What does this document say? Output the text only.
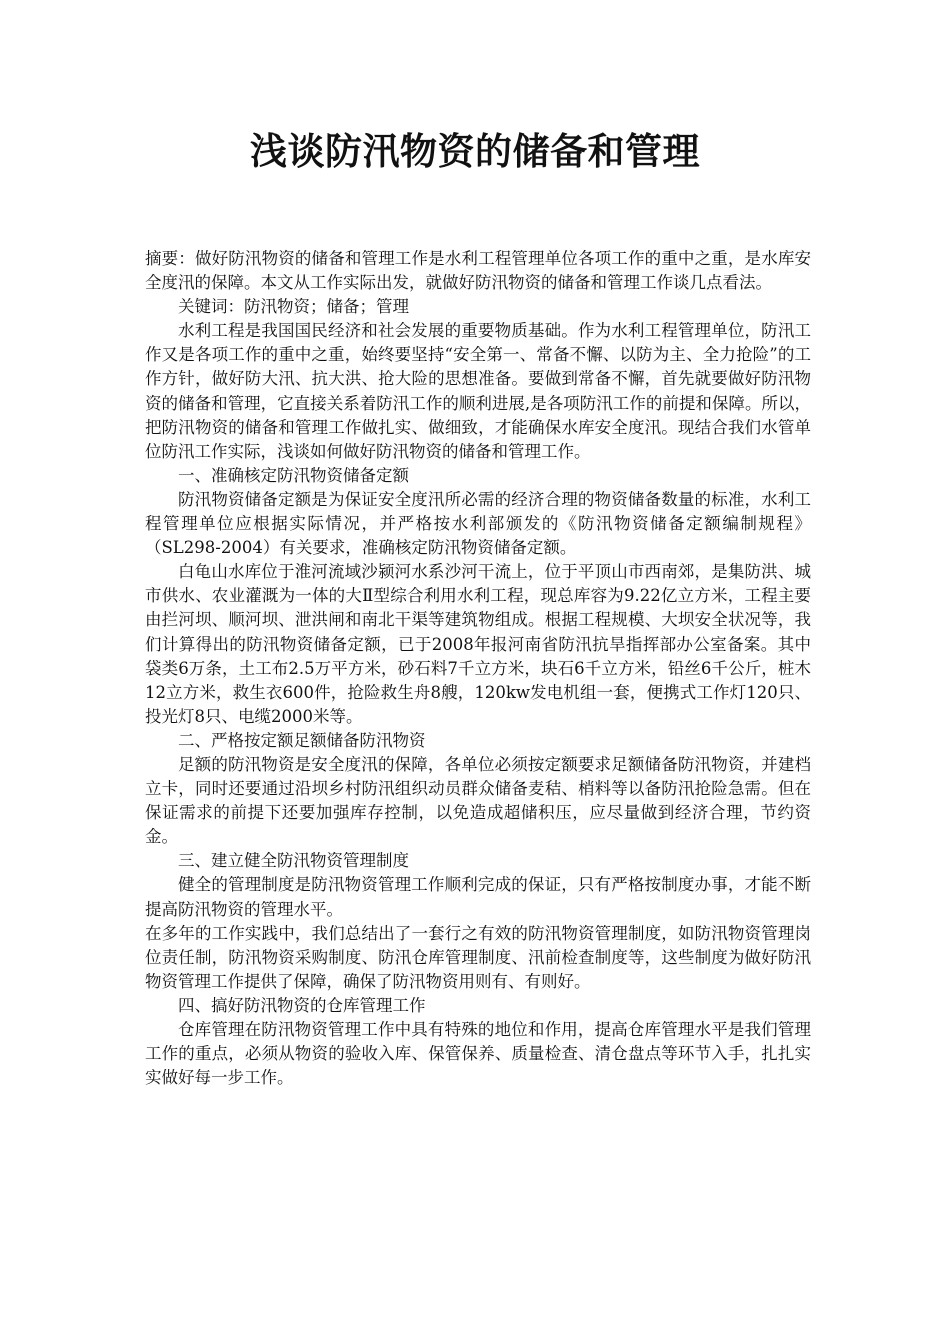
浅谈防汛物资的储备和管理

摘要：做好防汛物资的储备和管理工作是水利工程管理单位各项工作的重中之重，是水库安全度汛的保障。本文从工作实际出发，就做好防汛物资的储备和管理工作谈几点看法。

关键词：防汛物资；储备；管理

水利工程是我国国民经济和社会发展的重要物质基础。作为水利工程管理单位，防汛工作又是各项工作的重中之重，始终要坚持“安全第一、常备不懈、以防为主、全力抢险”的工作方针，做好防大汛、抗大洪、抢大险的思想准备。要做到常备不懈，首先就要做好防汛物资的储备和管理，它直接关系着防汛工作的顺利进展,是各项防汛工作的前提和保障。所以， 把防汛物资的储备和管理工作做扎实、做细致，才能确保水库安全度汛。现结合我们水管单位防汛工作实际，浅谈如何做好防汛物资的储备和管理工作。

一、准确核定防汛物资储备定额

防汛物资储备定额是为保证安全度汛所必需的经济合理的物资储备数量的标准，水利工程管理单位应根据实际情况，并严格按水利部颁发的《防汛物资储备定额编制规程》（SL298-2004）有关要求，准确核定防汛物资储备定额。

白龟山水库位于淮河流域沙颍河水系沙河干流上，位于平顶山市西南郊，是集防洪、城市供水、农业灌溉为一体的大Ⅱ型综合利用水利工程，现总库容为9.22亿立方米，工程主要由拦河坝、顺河坝、泄洪闸和南北干渠等建筑物组成。根据工程规模、大坝安全状况等，我们计算得出的防汛物资储备定额，已于2008年报河南省防汛抗旱指挥部办公室备案。其中袋类6万条，土工布2.5万平方米，砂石料7千立方米，块石6千立方米，铅丝6千公斤，桩木12立方米，救生衣600件，抢险救生舟8艘，120kw发电机组一套，便携式工作灯120只、投光灯8只、电缆2000米等。

二、严格按定额足额储备防汛物资

足额的防汛物资是安全度汛的保障，各单位必须按定额要求足额储备防汛物资，并建档立卡，同时还要通过沿坝乡村防汛组织动员群众储备麦秸、梢料等以备防汛抢险急需。但在保证需求的前提下还要加强库存控制，以免造成超储积压，应尽量做到经济合理，节约资金。

三、建立健全防汛物资管理制度

健全的管理制度是防汛物资管理工作顺利完成的保证，只有严格按制度办事，才能不断提高防汛物资的管理水平。

在多年的工作实践中，我们总结出了一套行之有效的防汛物资管理制度，如防汛物资管理岗位责任制，防汛物资采购制度、防汛仓库管理制度、汛前检查制度等，这些制度为做好防汛物资管理工作提供了保障，确保了防汛物资用则有、有则好。

四、搞好防汛物资的仓库管理工作

仓库管理在防汛物资管理工作中具有特殊的地位和作用，提高仓库管理水平是我们管理工作的重点，必须从物资的验收入库、保管保养、质量检查、清仓盘点等环节入手，扎扎实实做好每一步工作。
